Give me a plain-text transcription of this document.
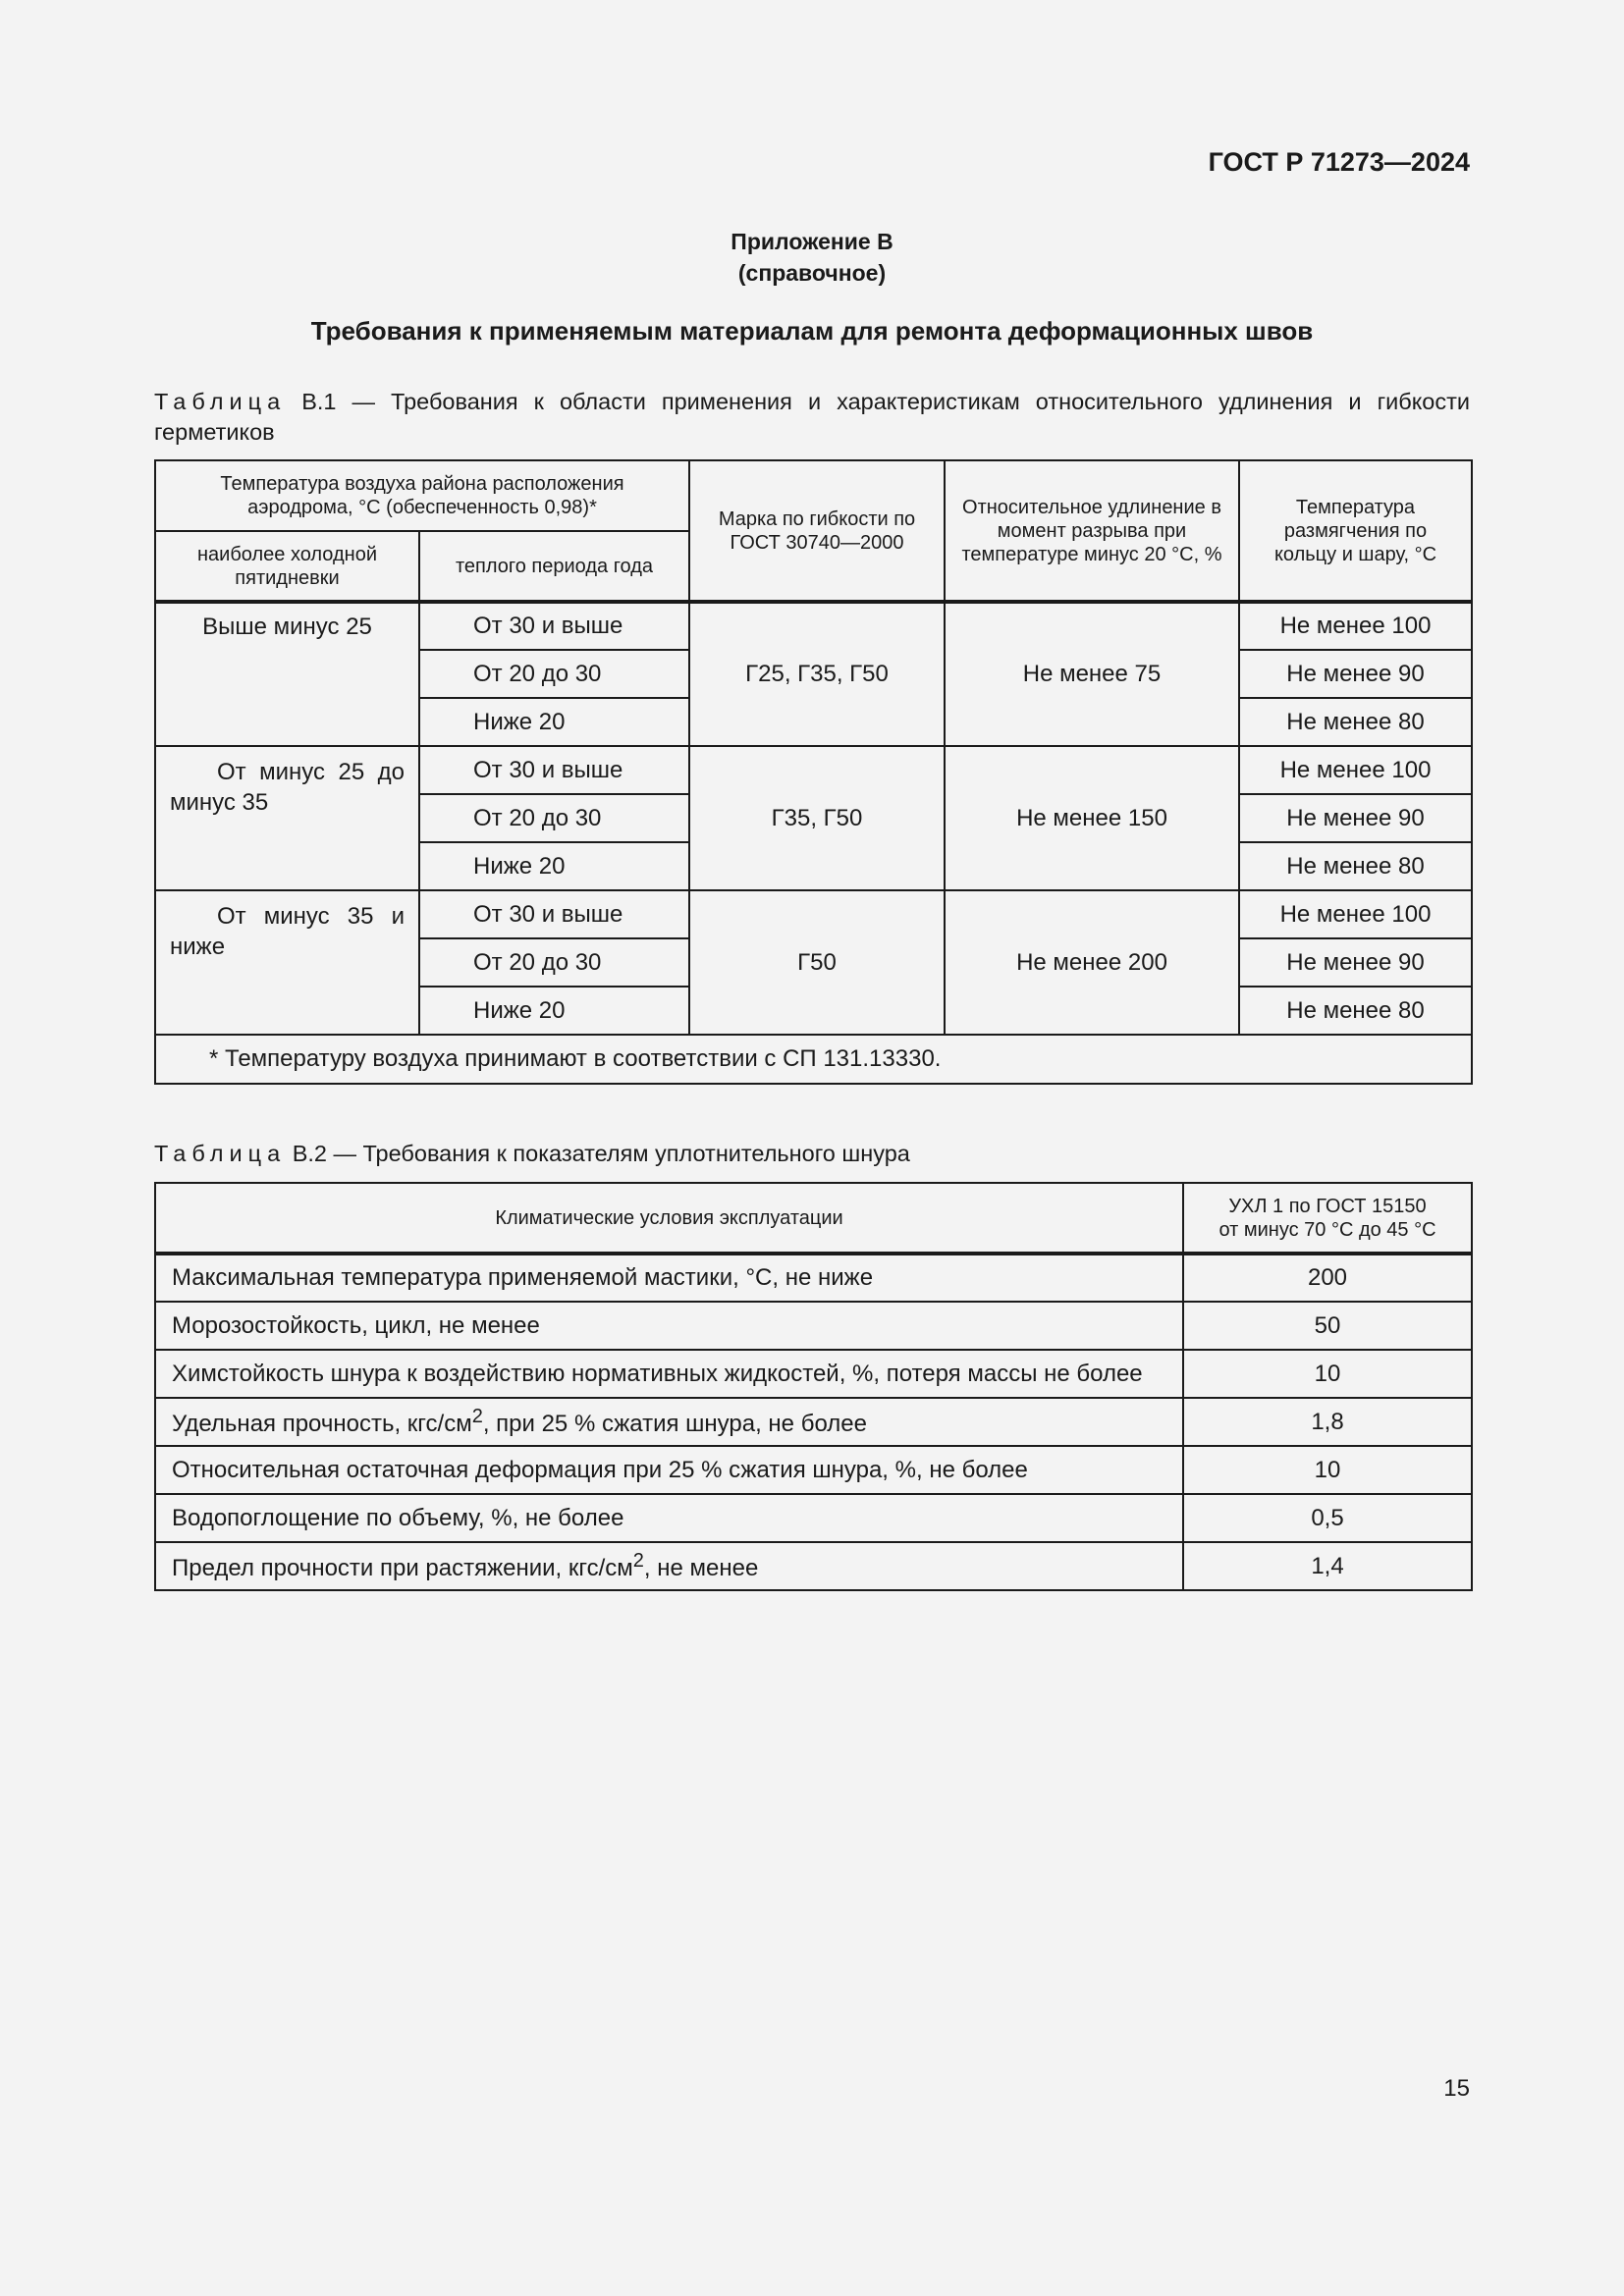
ГОСТ Р 71273—2024
Приложение В
(справочное)
Требования к применяемым материалам для ремонта деформационных швов
Таблица В.1 — Требования к области применения и характеристикам относительного удлинения и гибкости герметиков
Температура воздуха района расположения аэродрома, °С (обеспеченность 0,98)*		Марка по гибкости по ГОСТ 30740—2000	Относительное удлинение в момент разрыва при температуре минус 20 °С, %	Температура размягчения по кольцу и шару, °С
наиболее холодной пятидневки	теплого периода года			
Выше минус 25	От 30 и выше	Г25, Г35, Г50	Не менее 75	Не менее 100
	От 20 до 30			Не менее 90
	Ниже 20			Не менее 80
От минус 25 до минус 35	От 30 и выше	Г35, Г50	Не менее 150	Не менее 100
	От 20 до 30			Не менее 90
	Ниже 20			Не менее 80
От минус 35 и ниже	От 30 и выше	Г50	Не менее 200	Не менее 100
	От 20 до 30			Не менее 90
	Ниже 20			Не менее 80
* Температуру воздуха принимают в соответствии с СП 131.13330.				
Таблица В.2 — Требования к показателям уплотнительного шнура
Климатические условия эксплуатации	УХЛ 1 по ГОСТ 15150
от минус 70 °С до 45 °С

Максимальная температура применяемой мастики, °С, не ниже	200
Морозостойкость, цикл, не менее	50
Химстойкость шнура к воздействию нормативных жидкостей, %, потеря массы не более	10
Удельная прочность, кгс/$см^2$, при 25 % сжатия шнура, не более	1,8
Относительная остаточная деформация при 25 % сжатия шнура, %, не более	10
Водопоглощение по объему, %, не более	0,5
Предел прочности при растяжении, кгс/$см^2$, не менее	1,4
15
